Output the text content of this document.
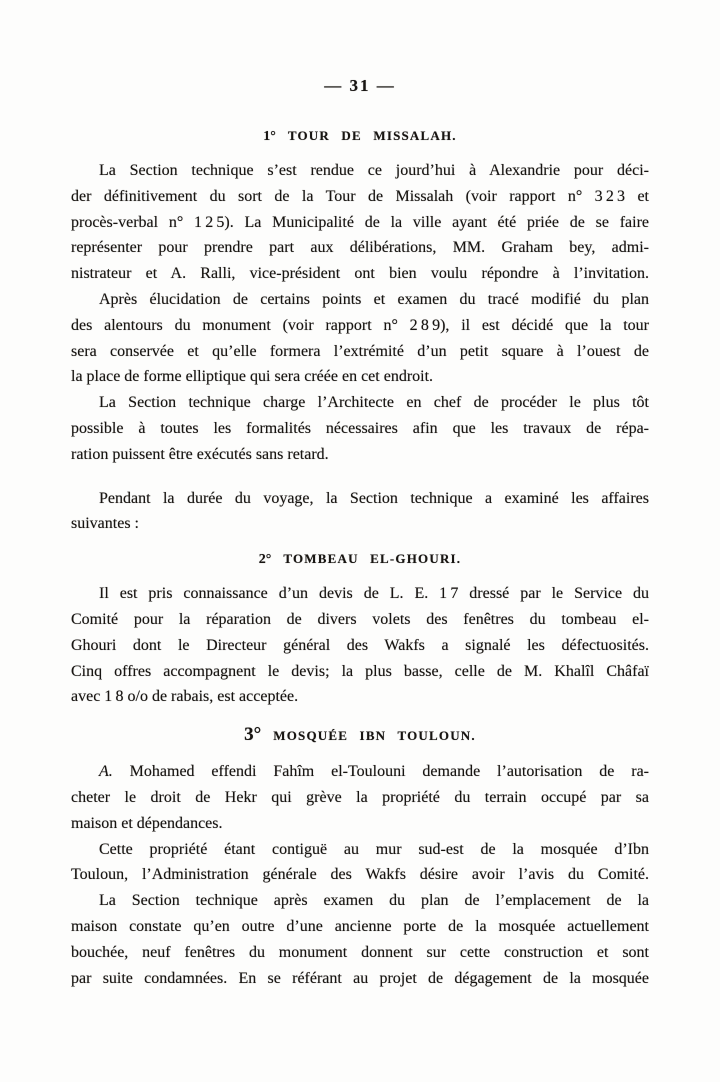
— 31 —
1° TOUR DE MISSALAH.
La Section technique s’est rendue ce jourd’hui à Alexandrie pour déci-
der définitivement du sort de la Tour de Missalah (voir rapport n° 3 2 3 et
procès-verbal n° 1 2 5). La Municipalité de la ville ayant été priée de se faire
représenter pour prendre part aux délibérations, MM. Graham bey, admi-
nistrateur et A. Ralli, vice-président ont bien voulu répondre à l’invitation.
Après élucidation de certains points et examen du tracé modifié du plan
des alentours du monument (voir rapport n° 2 8 9), il est décidé que la tour
sera conservée et qu’elle formera l’extrémité d’un petit square à l’ouest de
la place de forme elliptique qui sera créée en cet endroit.
La Section technique charge l’Architecte en chef de procéder le plus tôt
possible à toutes les formalités nécessaires afin que les travaux de répa-
ration puissent être exécutés sans retard.
Pendant la durée du voyage, la Section technique a examiné les affaires
suivantes :
2° TOMBEAU EL-GHOURI.
Il est pris connaissance d’un devis de L. E. 1 7 dressé par le Service du
Comité pour la réparation de divers volets des fenêtres du tombeau el-
Ghouri dont le Directeur général des Wakfs a signalé les défectuosités.
Cinq offres accompagnent le devis; la plus basse, celle de M. Khalîl Châfaï
avec 1 8 o/o de rabais, est acceptée.
3° MOSQUÉE IBN TOULOUN.
A. Mohamed effendi Fahîm el-Toulouni demande l’autorisation de ra-
cheter le droit de Hekr qui grève la propriété du terrain occupé par sa
maison et dépendances.
Cette propriété étant contiguë au mur sud-est de la mosquée d’Ibn
Touloun, l’Administration générale des Wakfs désire avoir l’avis du Comité.
La Section technique après examen du plan de l’emplacement de la
maison constate qu’en outre d’une ancienne porte de la mosquée actuellement
bouchée, neuf fenêtres du monument donnent sur cette construction et sont
par suite condamnées. En se référant au projet de dégagement de la mosquée
